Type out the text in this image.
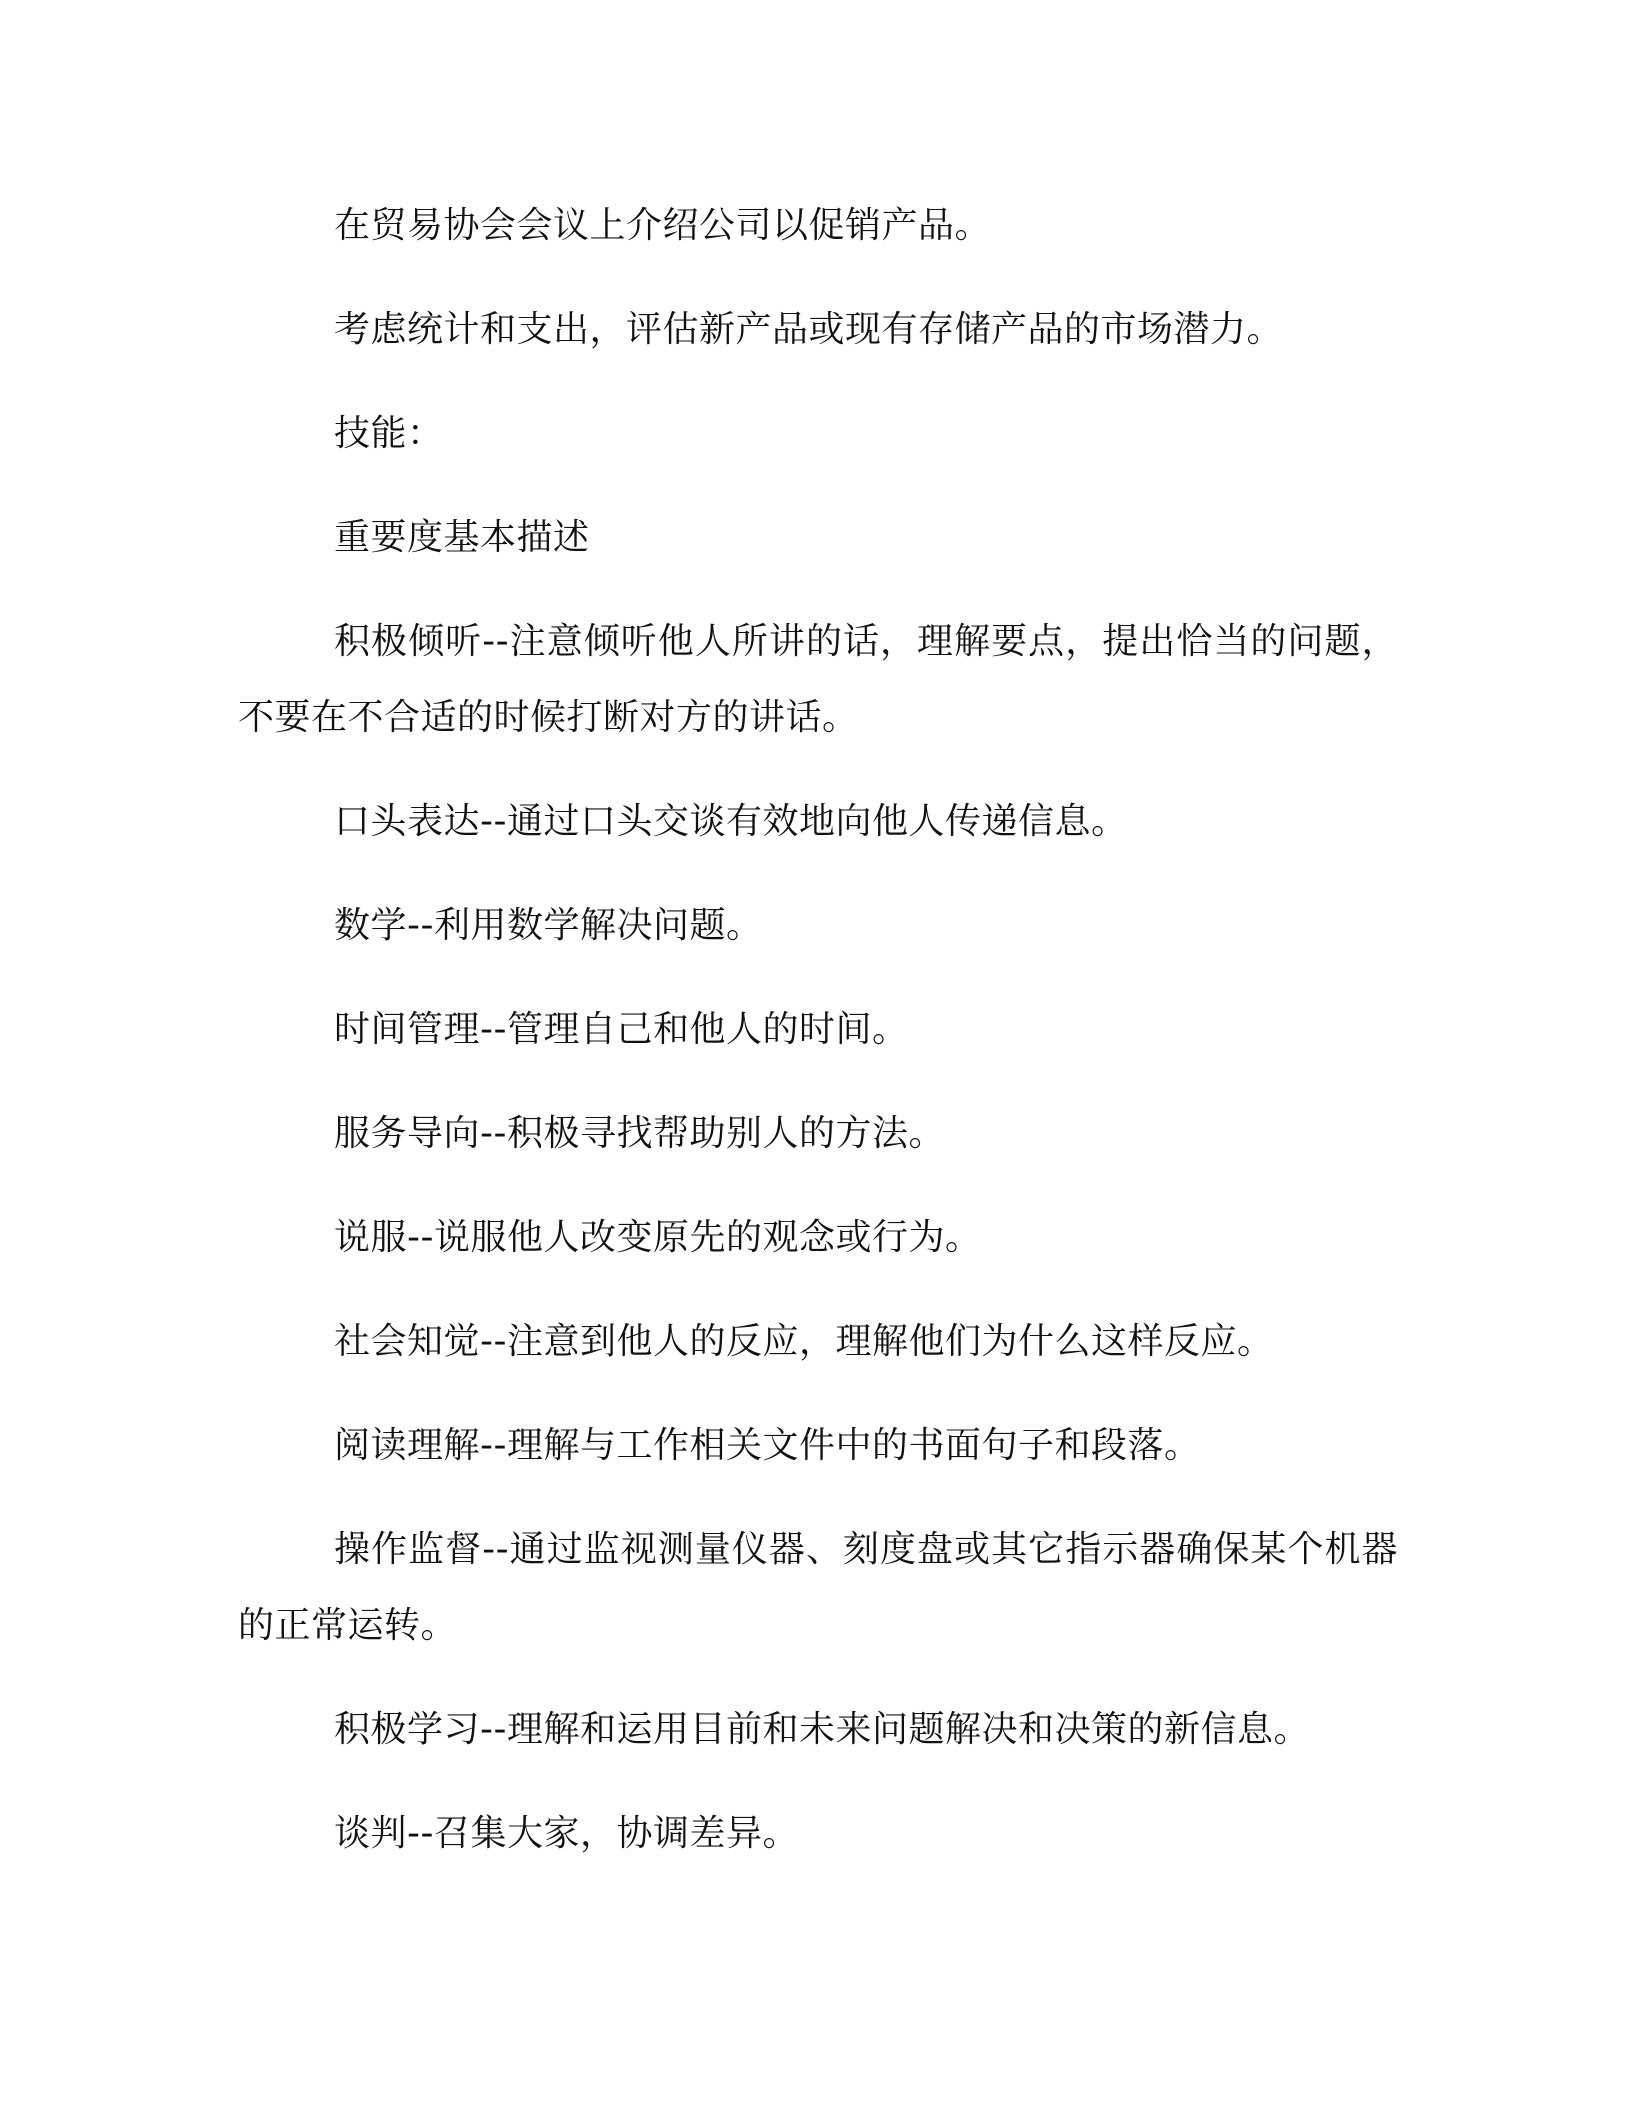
在贸易协会会议上介绍公司以促销产品。

考虑统计和支出，评估新产品或现有存储产品的市场潜力。

技能：

重要度基本描述

积极倾听--注意倾听他人所讲的话，理解要点，提出恰当的问题，不要在不合适的时候打断对方的讲话。

口头表达--通过口头交谈有效地向他人传递信息。

数学--利用数学解决问题。

时间管理--管理自己和他人的时间。

服务导向--积极寻找帮助别人的方法。

说服--说服他人改变原先的观念或行为。

社会知觉--注意到他人的反应，理解他们为什么这样反应。

阅读理解--理解与工作相关文件中的书面句子和段落。

操作监督--通过监视测量仪器、刻度盘或其它指示器确保某个机器的正常运转。

积极学习--理解和运用目前和未来问题解决和决策的新信息。

谈判--召集大家，协调差异。
